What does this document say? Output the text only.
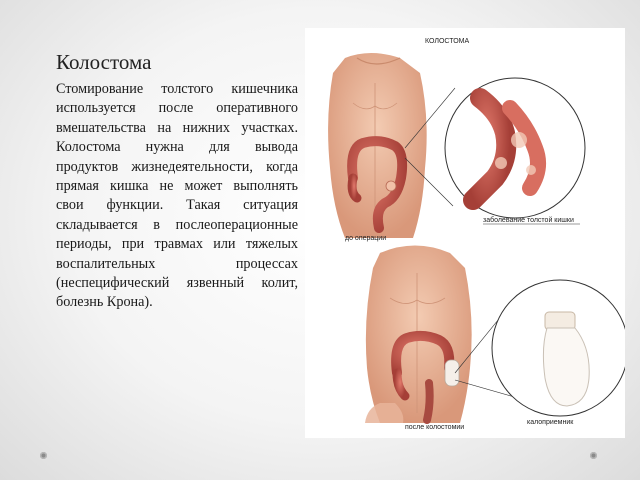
Колостома

Стомирование толстого кишечника используется после оперативного вмешательства на нижних участках. Колостома нужна для вывода продуктов жизнедеятельности, когда прямая кишка не может выполнять свои функции. Такая ситуация складывается в послеоперационные периоды, при травмах или тяжелых воспалительных процессах (неспецифический язвенный колит, болезнь Крона).

КОЛОСТОМА
заболевание толстой кишки
до операции
после колостомии
калоприемник
